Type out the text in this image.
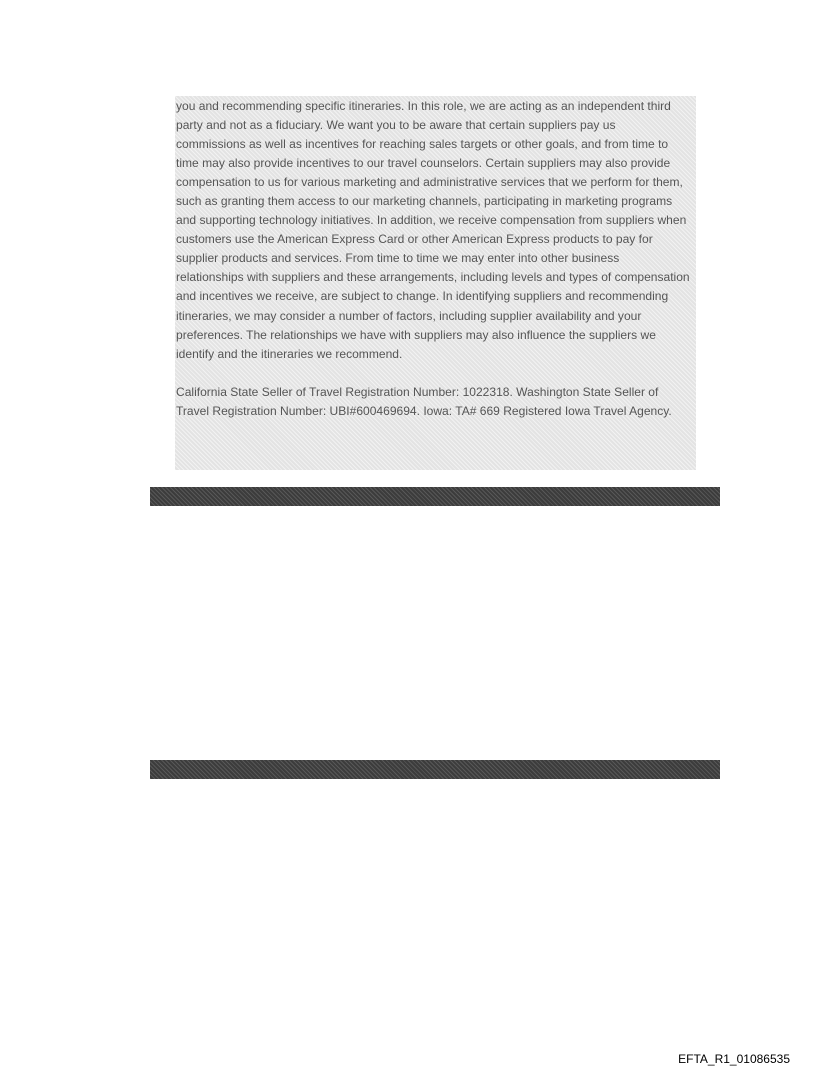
you and recommending specific itineraries. In this role, we are acting as an independent third
party and not as a fiduciary. We want you to be aware that certain suppliers pay us
commissions as well as incentives for reaching sales targets or other goals, and from time to
time may also provide incentives to our travel counselors. Certain suppliers may also provide
compensation to us for various marketing and administrative services that we perform for them,
such as granting them access to our marketing channels, participating in marketing programs
and supporting technology initiatives. In addition, we receive compensation from suppliers when
customers use the American Express Card or other American Express products to pay for
supplier products and services. From time to time we may enter into other business
relationships with suppliers and these arrangements, including levels and types of compensation
and incentives we receive, are subject to change. In identifying suppliers and recommending
itineraries, we may consider a number of factors, including supplier availability and your
preferences. The relationships we have with suppliers may also influence the suppliers we
identify and the itineraries we recommend.

California State Seller of Travel Registration Number: 1022318. Washington State Seller of
Travel Registration Number: UBI#600469694. Iowa: TA# 669 Registered Iowa Travel Agency.

EFTA_R1_01086535
